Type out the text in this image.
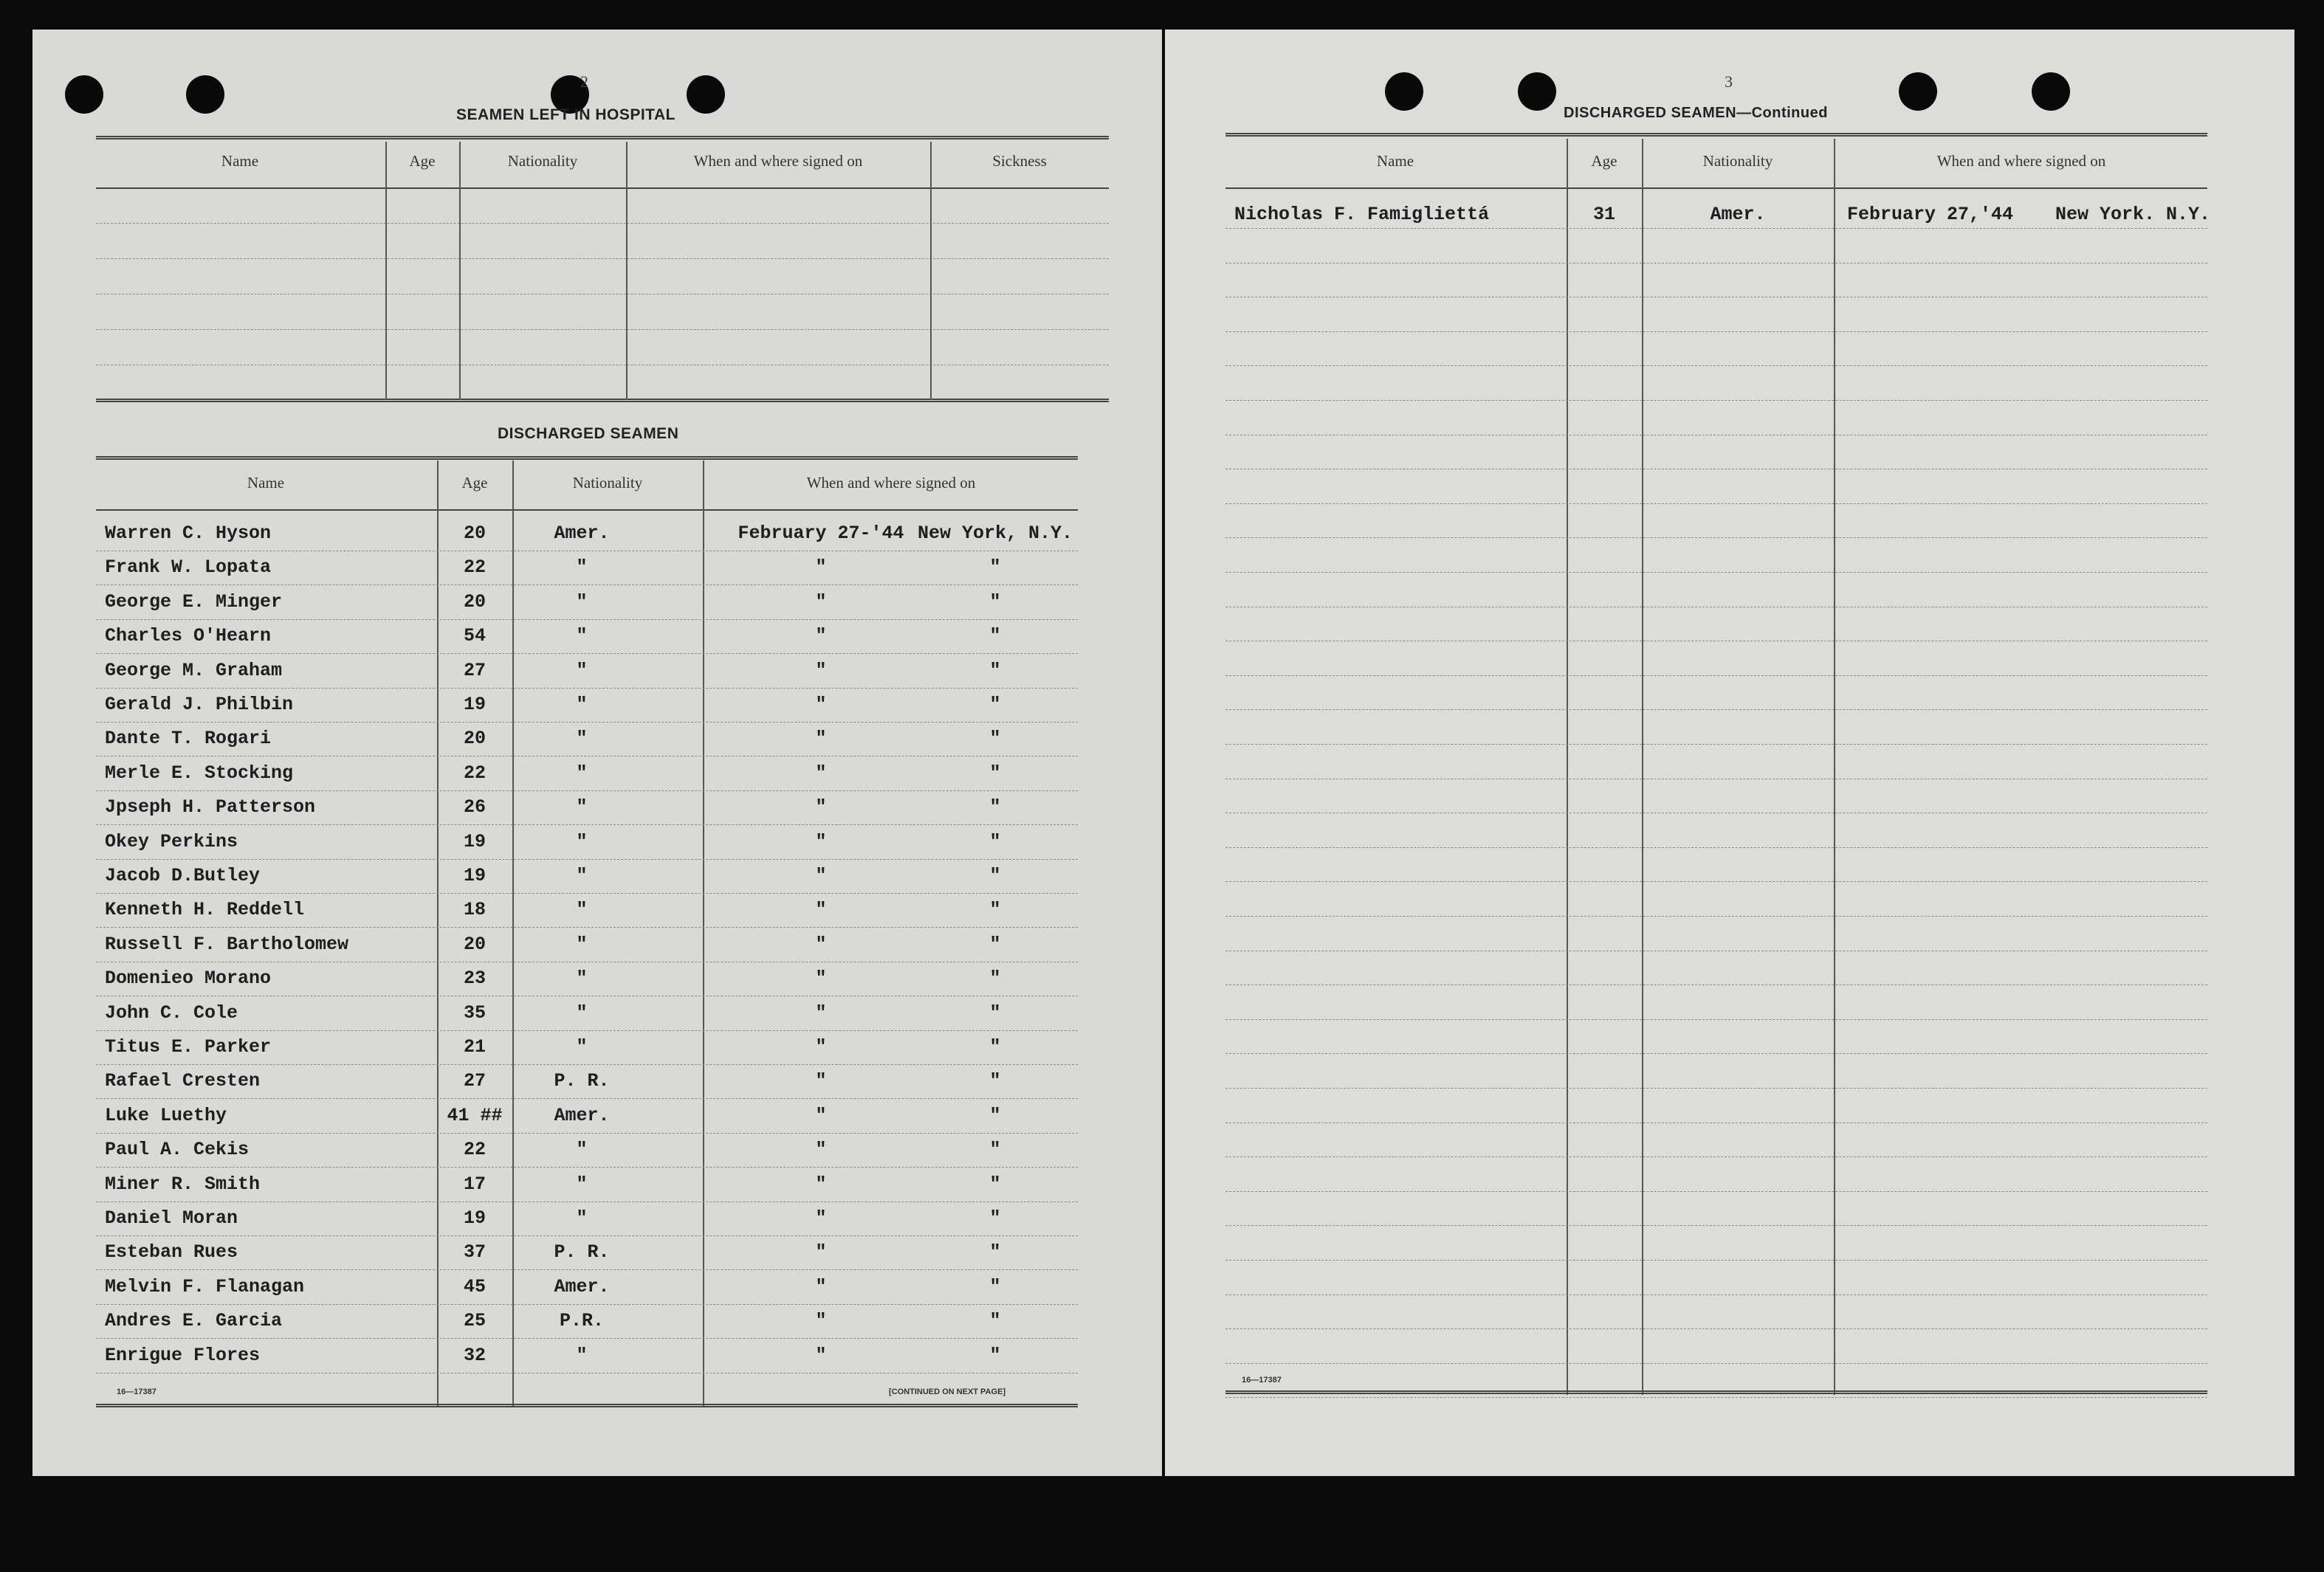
2
SEAMEN LEFT IN HOSPITAL
Name	Age	Nationality	When and where signed on	Sickness
DISCHARGED SEAMEN
Name	Age	Nationality	When and where signed on
Warren C. Hyson	20	Amer.	February 27-'44 New York, N.Y.
Frank W. Lopata	22	"	"	"
George E. Minger	20	"	"	"
Charles O'Hearn	54	"	"	"
George M. Graham	27	"	"	"
Gerald J. Philbin	19	"	"	"
Dante T. Rogari	20	"	"	"
Merle E. Stocking	22	"	"	"
Jpseph H. Patterson	26	"	"	"
Okey Perkins	19	"	"	"
Jacob D.Butley	19	"	"	"
Kenneth H. Reddell	18	"	"	"
Russell F. Bartholomew	20	"	"	"
Domenieo Morano	23	"	"	"
John C. Cole	35	"	"	"
Titus E. Parker	21	"	"	"
Rafael Cresten	27	P. R.	"	"
Luke Luethy	41 ##	Amer.	"	"
Paul A. Cekis	22	"	"	"
Miner R. Smith	17	"	"	"
Daniel Moran	19	"	"	"
Esteban Rues	37	P. R.	"	"
Melvin F. Flanagan	45	Amer.	"	"
Andres E. Garcia	25	P.R.	"	"
Enrigue Flores	32	"	"	"
16—17387	[CONTINUED ON NEXT PAGE]
3
DISCHARGED SEAMEN—Continued
Name	Age	Nationality	When and where signed on
Nicholas F. Famigliettá	31	Amer.	February 27,'44 New York. N.Y.
16—17387
